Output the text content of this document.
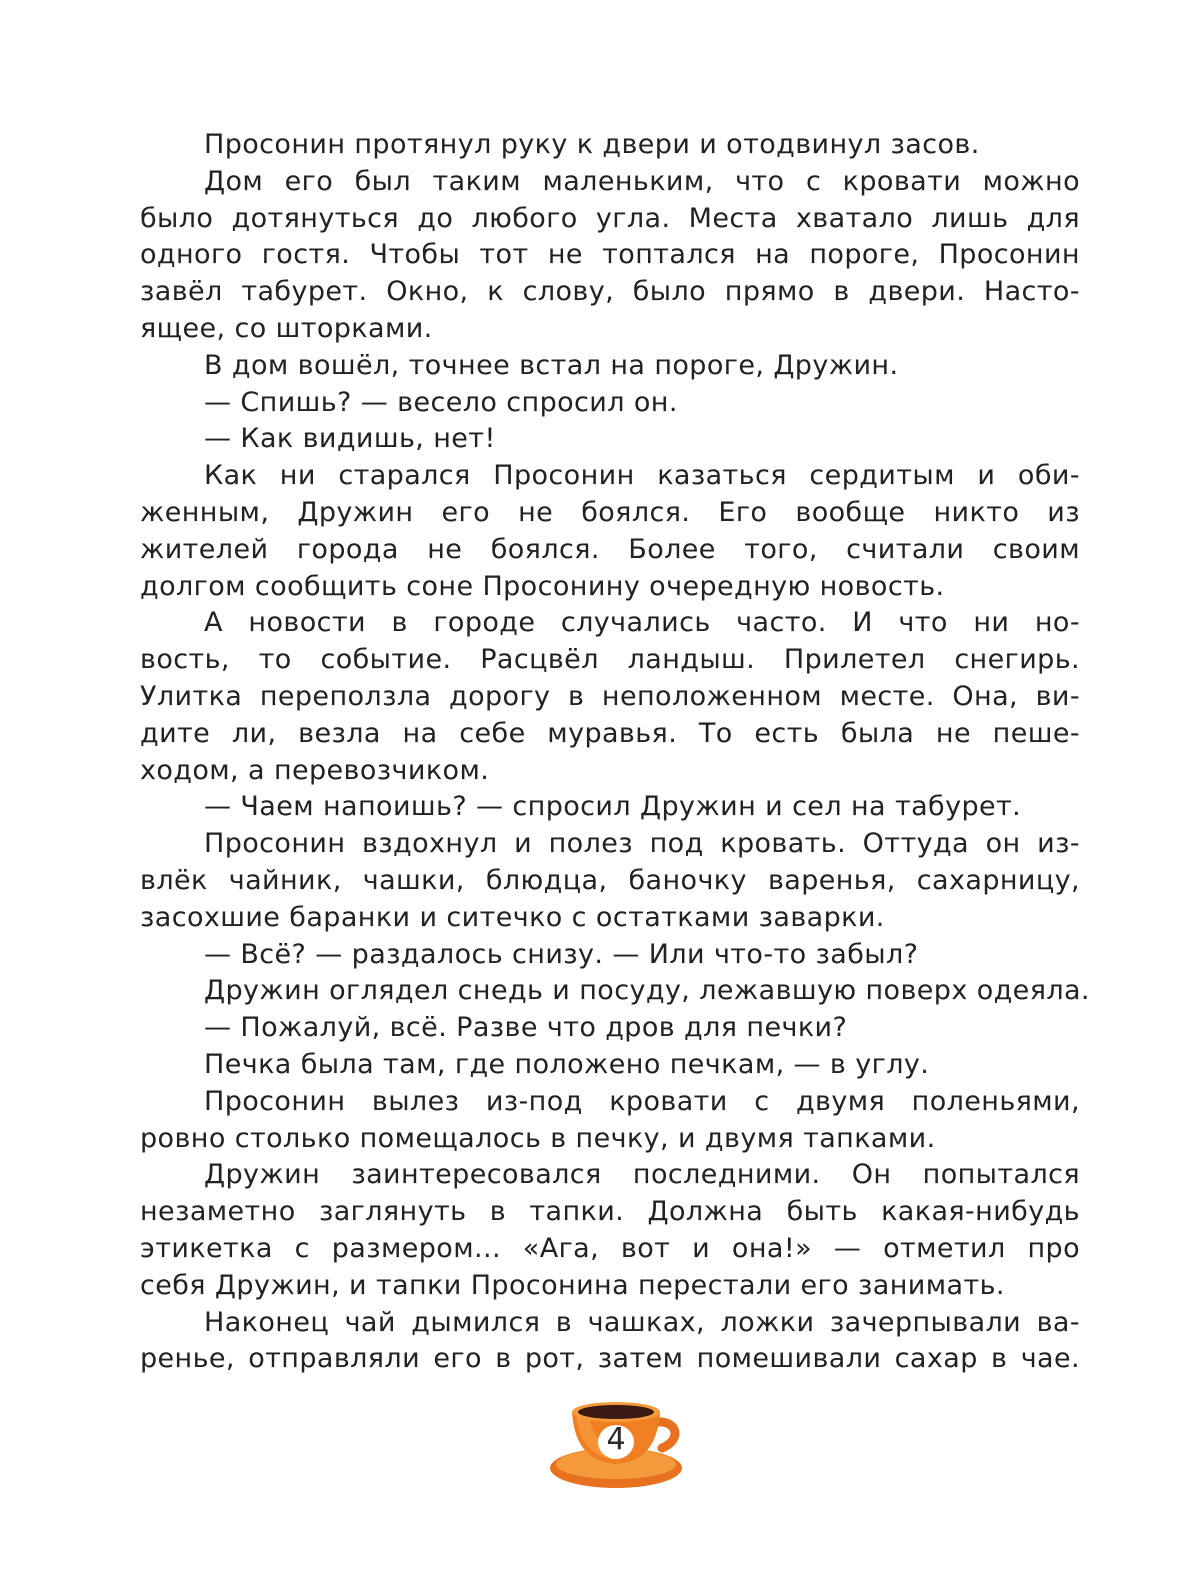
Просонин протянул руку к двери и отодвинул засов.
Дом его был таким маленьким, что с кровати можно
было дотянуться до любого угла. Места хватало лишь для
одного гостя. Чтобы тот не топтался на пороге, Просонин
завёл табурет. Окно, к слову, было прямо в двери. Насто-
ящее, со шторками.
В дом вошёл, точнее встал на пороге, Дружин.
— Спишь? — весело спросил он.
— Как видишь, нет!
Как ни старался Просонин казаться сердитым и оби-
женным, Дружин его не боялся. Его вообще никто из
жителей города не боялся. Более того, считали своим
долгом сообщить соне Просонину очередную новость.
А новости в городе случались часто. И что ни но-
вость, то событие. Расцвёл ландыш. Прилетел снегирь.
Улитка переползла дорогу в неположенном месте. Она, ви-
дите ли, везла на себе муравья. То есть была не пеше-
ходом, а перевозчиком.
— Чаем напоишь? — спросил Дружин и сел на табурет.
Просонин вздохнул и полез под кровать. Оттуда он из-
влёк чайник, чашки, блюдца, баночку варенья, сахарницу,
засохшие баранки и ситечко с остатками заварки.
— Всё? — раздалось снизу. — Или что-то забыл?
Дружин оглядел снедь и посуду, лежавшую поверх одеяла.
— Пожалуй, всё. Разве что дров для печки?
Печка была там, где положено печкам, — в углу.
Просонин вылез из-под кровати с двумя поленьями,
ровно столько помещалось в печку, и двумя тапками.
Дружин заинтересовался последними. Он попытался
незаметно заглянуть в тапки. Должна быть какая-нибудь
этикетка с размером... «Ага, вот и она!» — отметил про
себя Дружин, и тапки Просонина перестали его занимать.
Наконец чай дымился в чашках, ложки зачерпывали ва-
ренье, отправляли его в рот, затем помешивали сахар в чае.
4
